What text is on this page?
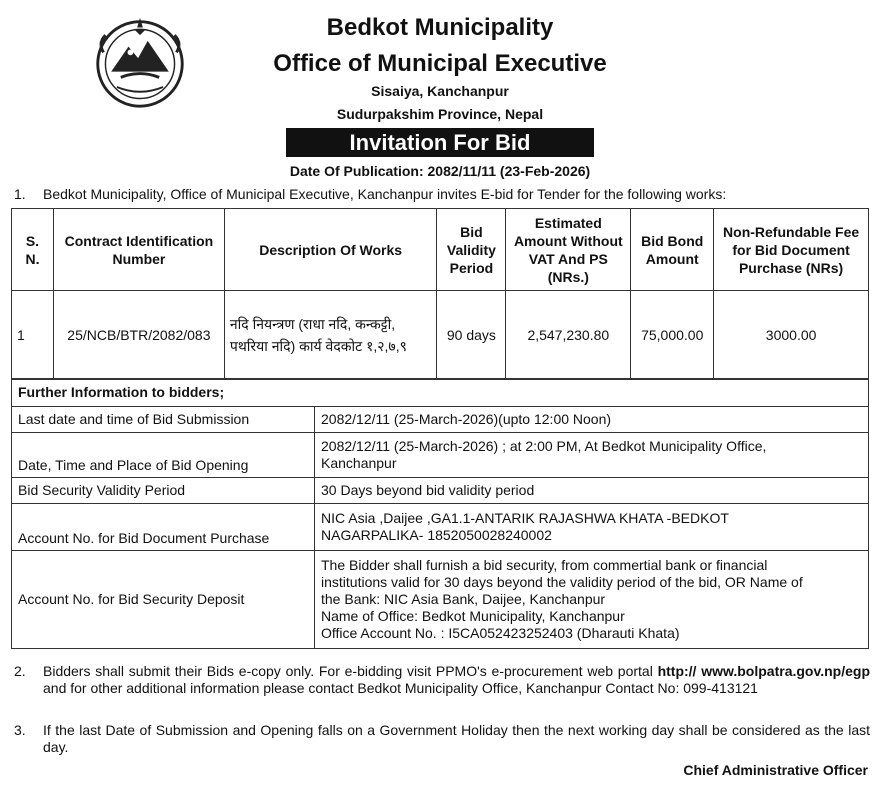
Bedkot Municipality
Office of Municipal Executive
Sisaiya, Kanchanpur
Sudurpakshim Province, Nepal
Invitation For Bid
Date Of Publication: 2082/11/11 (23-Feb-2026)
1. Bedkot Municipality, Office of Municipal Executive, Kanchanpur invites E-bid for Tender for the following works:
S. N.	Contract Identification Number	Description Of Works	Bid Validity Period	Estimated Amount Without VAT And PS (NRs.)	Bid Bond Amount	Non-Refundable Fee for Bid Document Purchase (NRs)
1	25/NCB/BTR/2082/083	नदि नियन्त्रण (राधा नदि, कन्कट्टी, पथरिया नदि) कार्य वेदकोट १,२,७,९	90 days	2,547,230.80	75,000.00	3000.00
Further Information to bidders;	
Last date and time of Bid Submission	2082/12/11 (25-March-2026)(upto 12:00 Noon)

Date, Time and Place of Bid Opening	2082/12/11 (25-March-2026) ; at 2:00 PM, At Bedkot Municipality Office,
Kanchanpur

Bid Security Validity Period	30 Days beyond bid validity period

Account No. for Bid Document Purchase	NIC Asia ,Daijee ,GA1.1-ANTARIK RAJASHWA KHATA -BEDKOT
NAGARPALIKA- 1852050028240002

Account No. for Bid Security Deposit	The Bidder shall furnish a bid security, from commertial bank or financial
institutions valid for 30 days beyond the validity period of the bid, OR Name of
the Bank: NIC Asia Bank, Daijee, Kanchanpur
Name of Office: Bedkot Municipality, Kanchanpur
Office Account No. : I5CA052423252403 (Dharauti Khata)
2. Bidders shall submit their Bids e-copy only. For e-bidding visit PPMO's e-procurement web portal http:// www.bolpatra.gov.np/egp and for other additional information please contact Bedkot Municipality Office, Kanchanpur Contact No: 099-413121
3. If the last Date of Submission and Opening falls on a Government Holiday then the next working day shall be considered as the last day.
Chief Administrative Officer
